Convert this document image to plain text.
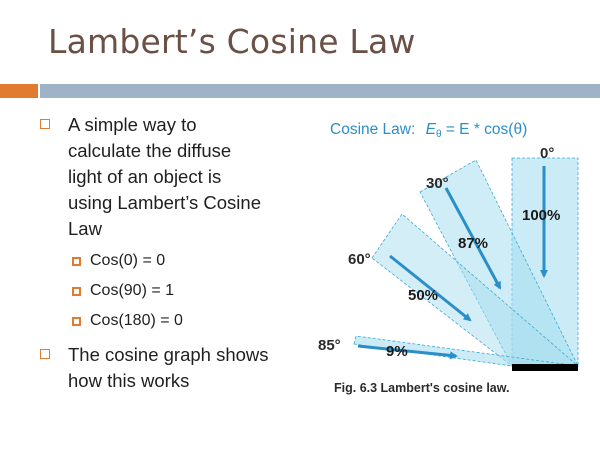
Lambert’s Cosine Law
A simple way to
calculate the diffuse
light of an object is
using Lambert’s Cosine
Law
Cos(0) = 0
Cos(90) = 1
Cos(180) = 0
The cosine graph shows
how this works
Cosine Law: Eθ = E * cos(θ)
0°
30°
60°
85°
100%
87%
50%
9%
Fig. 6.3 Lambert's cosine law.
